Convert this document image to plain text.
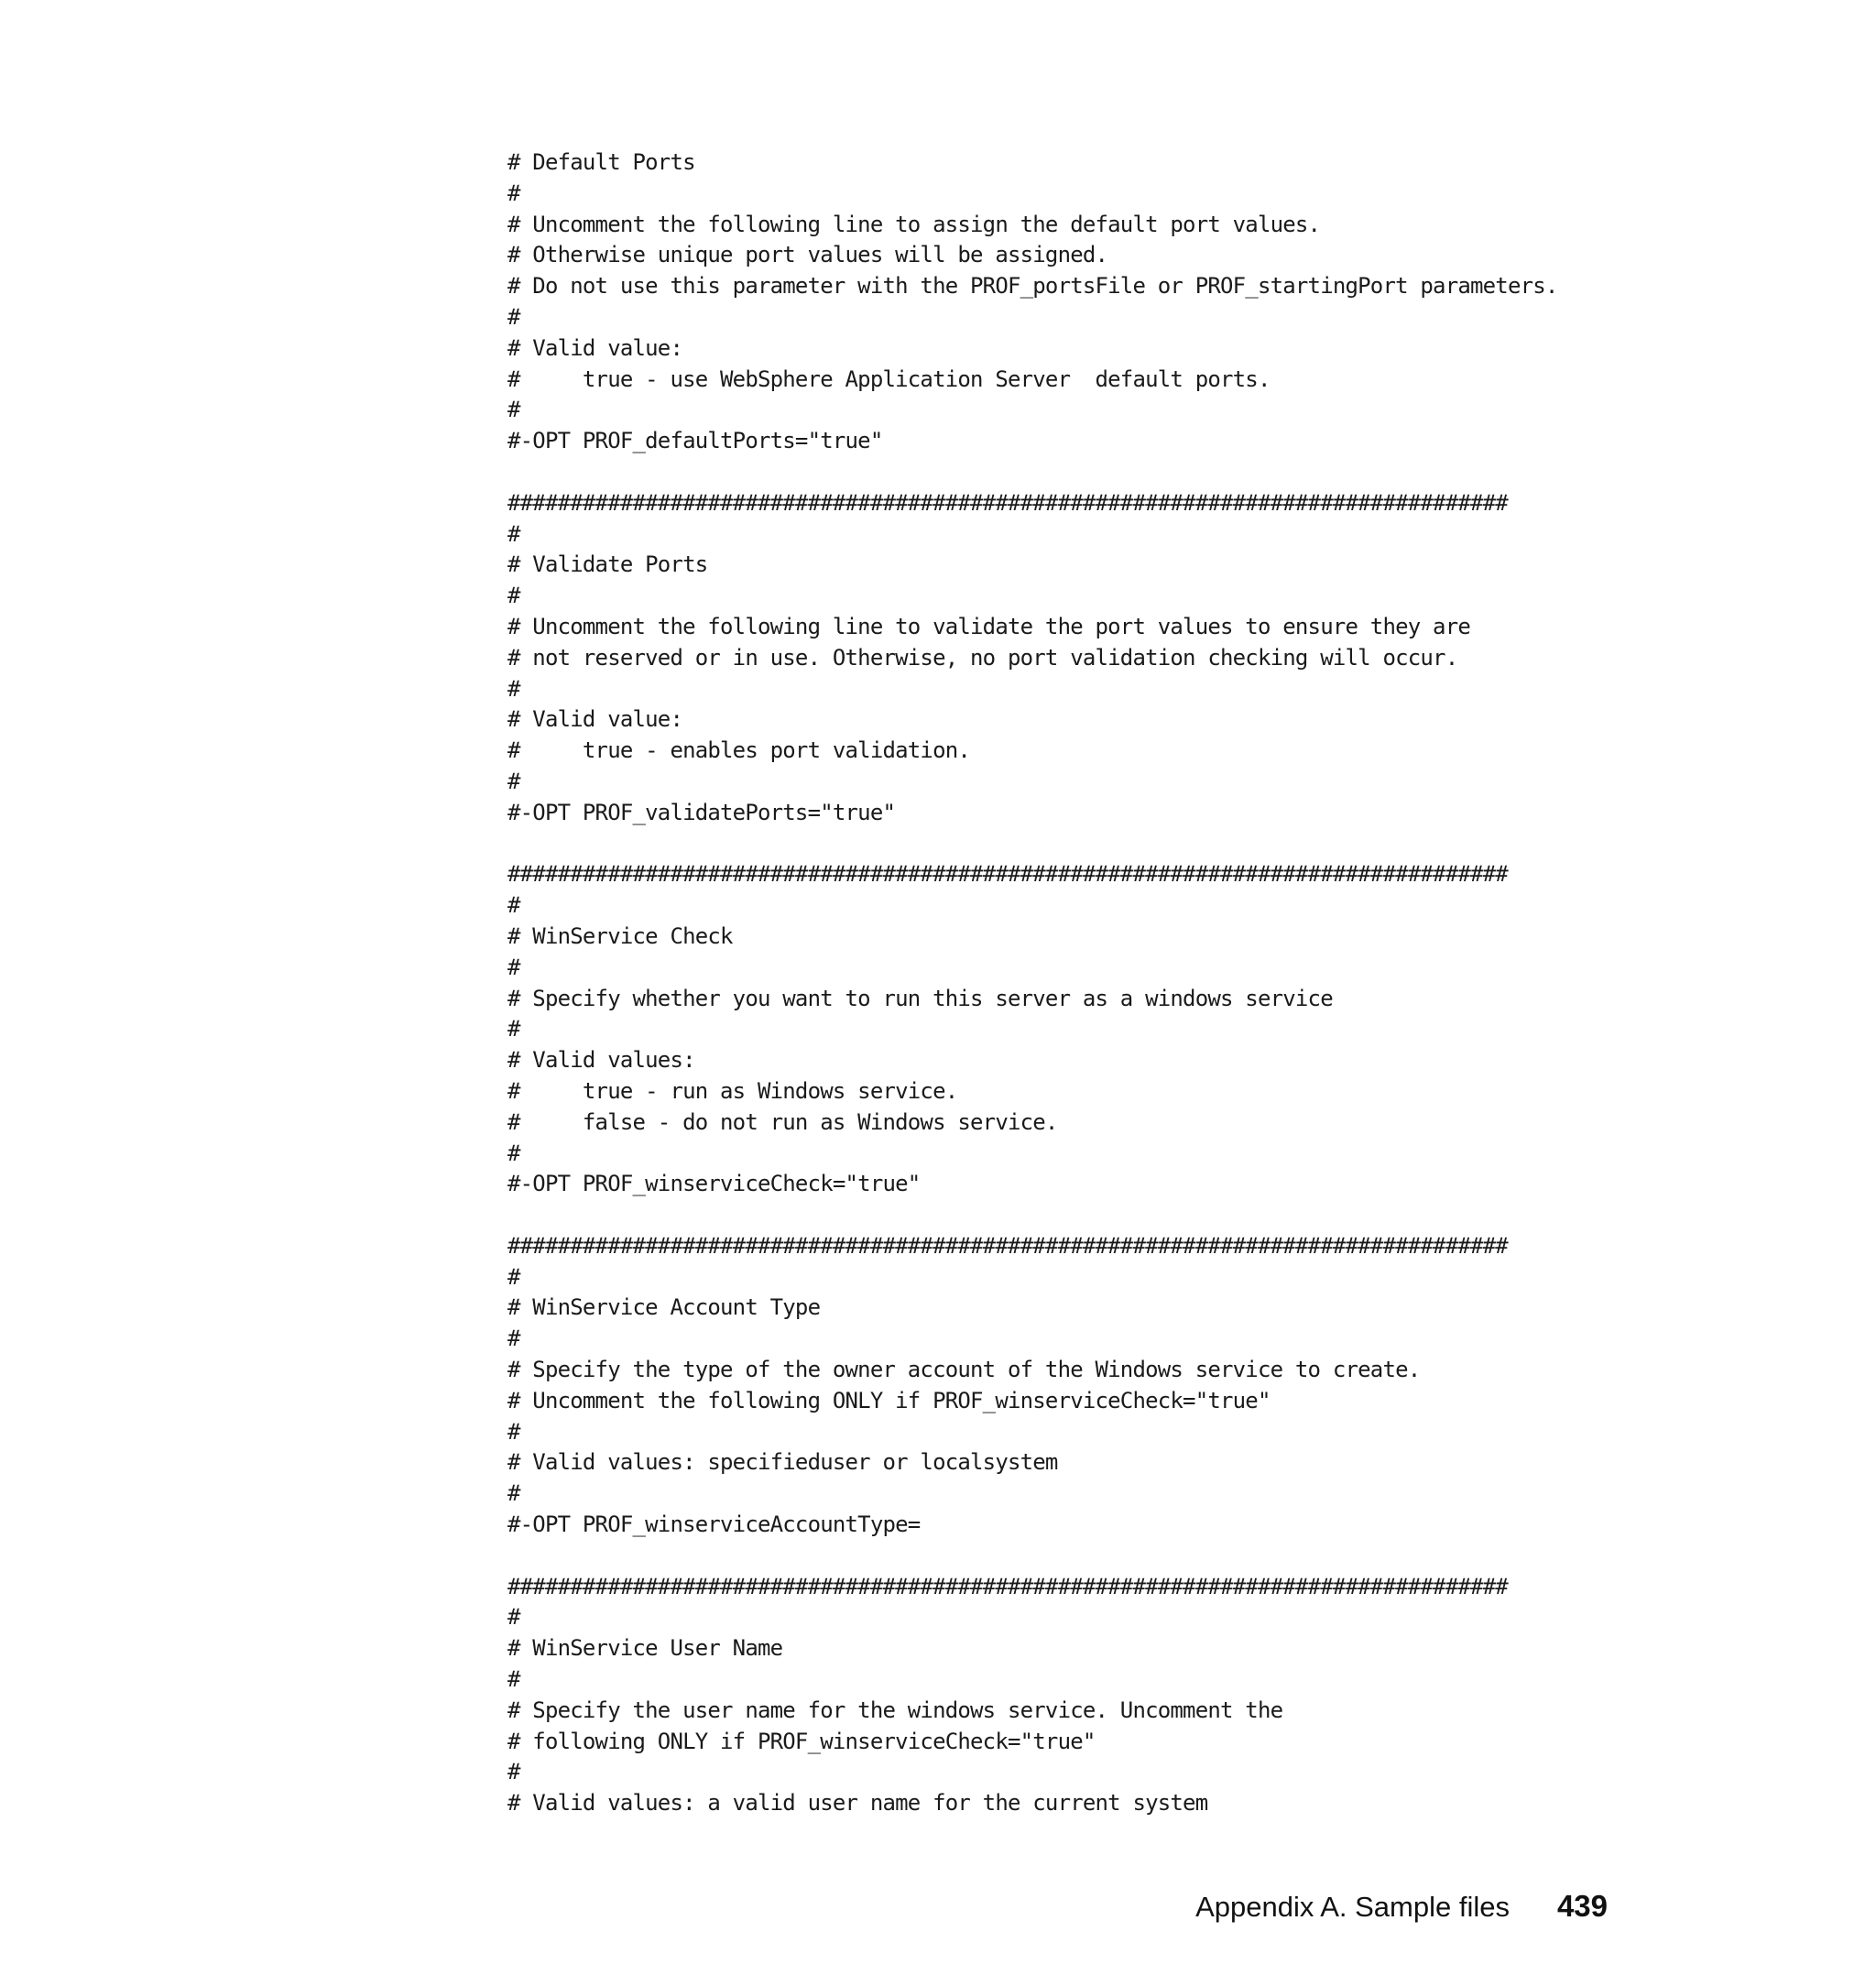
# Default Ports
#
# Uncomment the following line to assign the default port values.
# Otherwise unique port values will be assigned.
# Do not use this parameter with the PROF_portsFile or PROF_startingPort parameters.
#
# Valid value:
#     true - use WebSphere Application Server  default ports.
#
#-OPT PROF_defaultPorts="true"
################################################################################
#
# Validate Ports
#
# Uncomment the following line to validate the port values to ensure they are
# not reserved or in use. Otherwise, no port validation checking will occur.
#
# Valid value:
#     true - enables port validation.
#
#-OPT PROF_validatePorts="true"
################################################################################
#
# WinService Check
#
# Specify whether you want to run this server as a windows service
#
# Valid values:
#     true - run as Windows service.
#     false - do not run as Windows service.
#
#-OPT PROF_winserviceCheck="true"
################################################################################
#
# WinService Account Type
#
# Specify the type of the owner account of the Windows service to create.
# Uncomment the following ONLY if PROF_winserviceCheck="true"
#
# Valid values: specifieduser or localsystem
#
#-OPT PROF_winserviceAccountType=
################################################################################
#
# WinService User Name
#
# Specify the user name for the windows service. Uncomment the
# following ONLY if PROF_winserviceCheck="true"
#
# Valid values: a valid user name for the current system
Appendix A. Sample files 439
